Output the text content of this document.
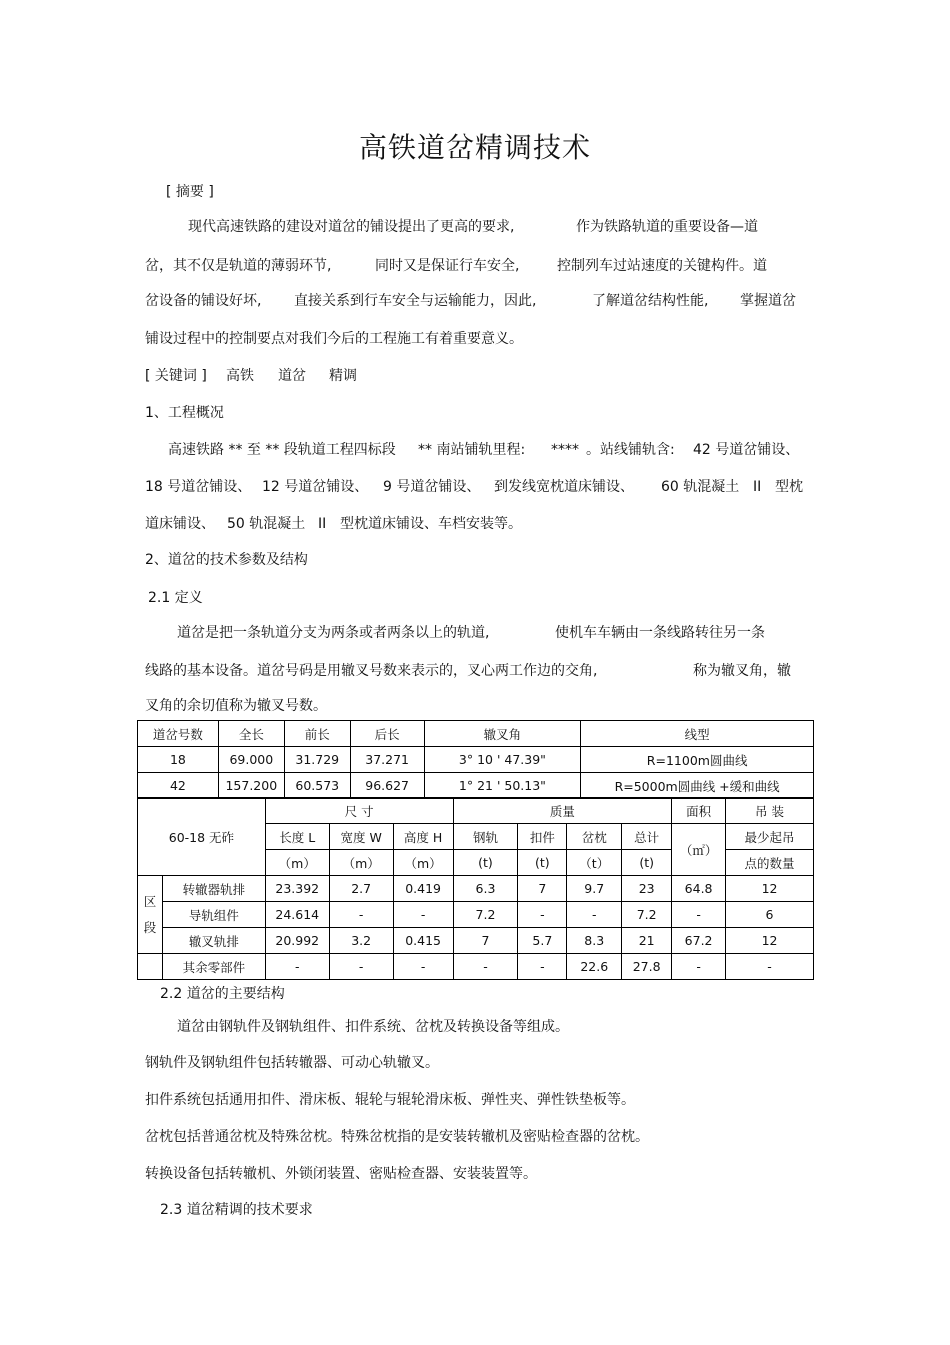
高铁道岔精调技术
[ 摘要 ]
现代高速铁路的建设对道岔的铺设提出了更高的要求,	作为铁路轨道的重要设备—道
岔，其不仅是轨道的薄弱环节,	同时又是保证行车安全,	控制列车过站速度的关键构件。道
岔设备的铺设好坏, 直接关系到行车安全与运输能力，因此,	了解道岔结构性能, 掌握道岔
铺设过程中的控制要点对我们今后的工程施工有着重要意义。
[ 关键词 ] 高铁 道岔 精调
1、工程概况
高速铁路 ** 至 ** 段轨道工程四标段 ** 南站铺轨里程: **** 。站线铺轨含: 42 号道岔铺设、
18 号道岔铺设、 12 号道岔铺设、 9 号道岔铺设、 到发线宽枕道床铺设、 60 轨混凝土 II 型枕
道床铺设、 50 轨混凝土 II 型枕道床铺设、车档安装等。
2、道岔的技术参数及结构
2.1 定义
道岔是把一条轨道分支为两条或者两条以上的轨道,	使机车车辆由一条线路转往另一条
线路的基本设备。道岔号码是用辙叉号数来表示的，叉心两工作边的交角,	称为辙叉角，辙
叉角的余切值称为辙叉号数。
道岔号数	全长	前长	后长	辙叉角	线型
18	69.000	31.729	37.271	3° 10 ' 47.39"	R=1100m圆曲线
42	157.200	60.573	96.627	1° 21 ' 50.13"	R=5000m圆曲线 +缓和曲线
60-18 无砟		尺 寸			质量				面积	吊 装
		长度 L	宽度 W	高度 H	钢轨	扣件	岔枕	总计	（㎡）	最少起吊
		（m）	（m）	（m）	(t)	(t)	（t）	(t)		点的数量
区段	转辙器轨排	23.392	2.7	0.419	6.3	7	9.7	23	64.8	12
	导轨组件	24.614	-	-	7.2	-	-	7.2	-	6
	辙叉轨排	20.992	3.2	0.415	7	5.7	8.3	21	67.2	12
	其余零部件	-	-	-	-	-	22.6	27.8	-	-
2.2 道岔的主要结构
道岔由钢轨件及钢轨组件、扣件系统、岔枕及转换设备等组成。
钢轨件及钢轨组件包括转辙器、可动心轨辙叉。
扣件系统包括通用扣件、滑床板、辊轮与辊轮滑床板、弹性夹、弹性铁垫板等。
岔枕包括普通岔枕及特殊岔枕。特殊岔枕指的是安装转辙机及密贴检查器的岔枕。
转换设备包括转辙机、外锁闭装置、密贴检查器、安装装置等。
2.3 道岔精调的技术要求
